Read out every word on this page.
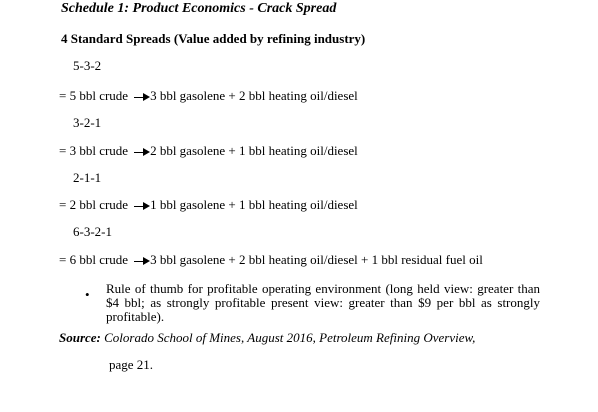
Schedule 1: Product Economics - Crack Spread
4 Standard Spreads (Value added by refining industry)
5-3-2
= 5 bbl crude 3 bbl gasolene + 2 bbl heating oil/diesel
3-2-1
= 3 bbl crude 2 bbl gasolene + 1 bbl heating oil/diesel
2-1-1
= 2 bbl crude 1 bbl gasolene + 1 bbl heating oil/diesel
6-3-2-1
= 6 bbl crude 3 bbl gasolene + 2 bbl heating oil/diesel + 1 bbl residual fuel oil
• Rule of thumb for profitable operating environment (long held view: greater than $4 bbl; as strongly profitable present view: greater than $9 per bbl as strongly profitable).
Source: Colorado School of Mines, August 2016, Petroleum Refining Overview,
page 21.
